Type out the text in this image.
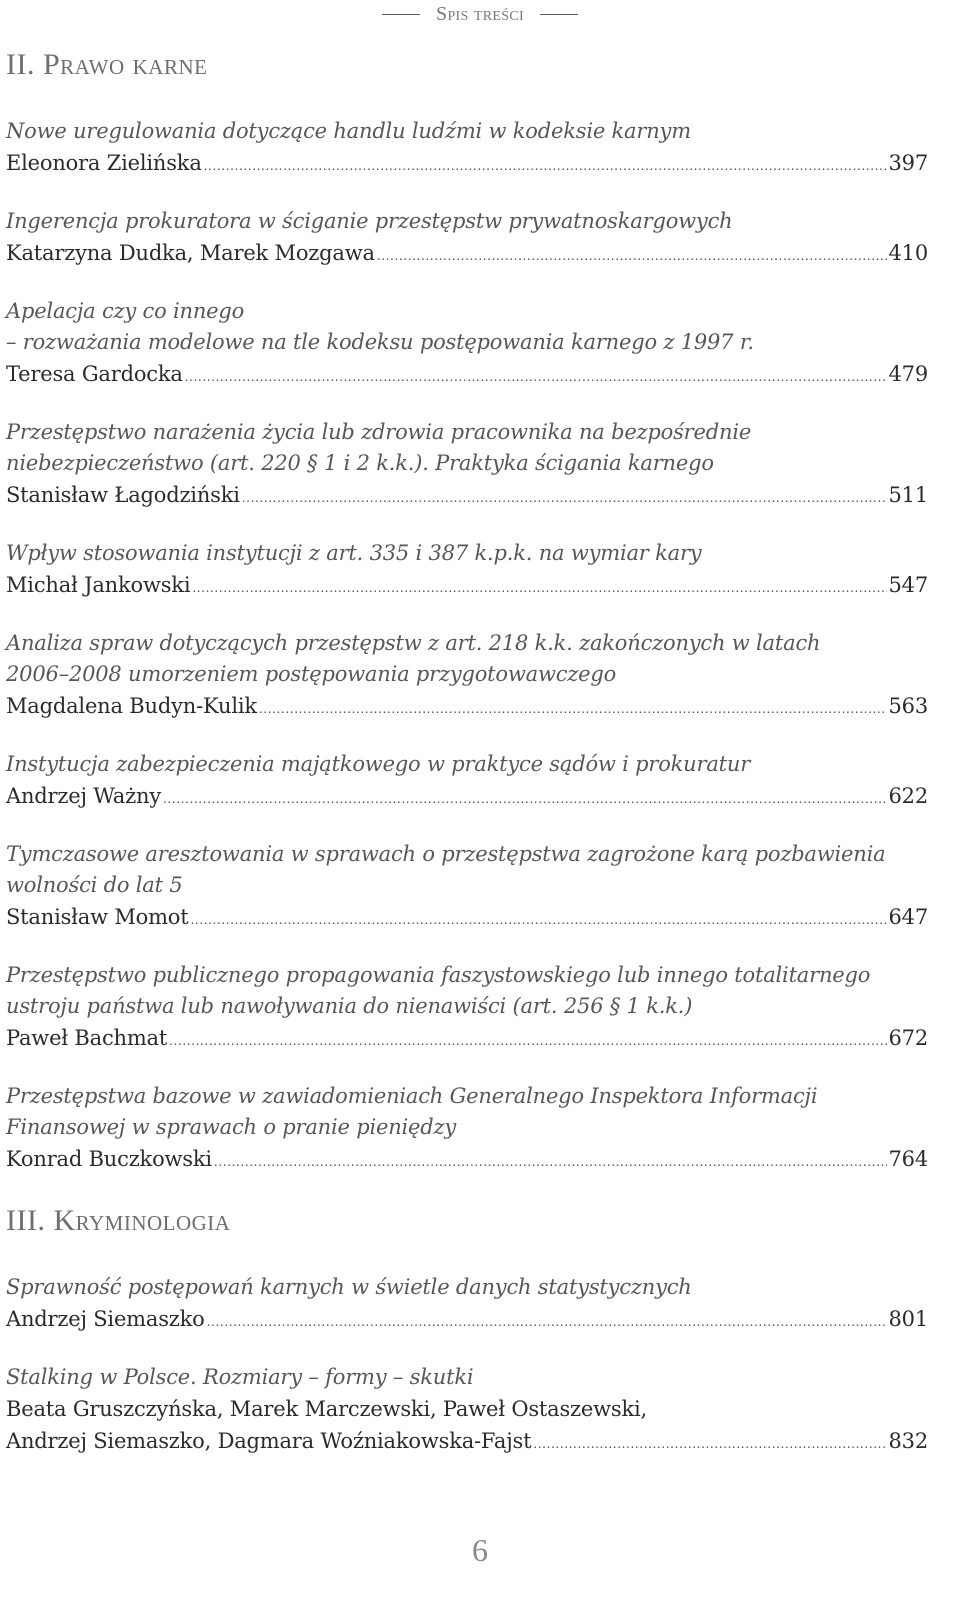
Spis treści
II. Prawo karne
Nowe uregulowania dotyczące handlu ludźmi w kodeksie karnym
Eleonora Zielińska .....	397
Ingerencja prokuratora w ściganie przestępstw prywatnoskargowych
Katarzyna Dudka, Marek Mozgawa .....	410
Apelacja czy co innego
– rozważania modelowe na tle kodeksu postępowania karnego z 1997 r.
Teresa Gardocka .....	479
Przestępstwo narażenia życia lub zdrowia pracownika na bezpośrednie
niebezpieczeństwo (art. 220 § 1 i 2 k.k.). Praktyka ścigania karnego
Stanisław Łagodziński .....	511
Wpływ stosowania instytucji z art. 335 i 387 k.p.k. na wymiar kary
Michał Jankowski .....	547
Analiza spraw dotyczących przestępstw z art. 218 k.k. zakończonych w latach
2006–2008 umorzeniem postępowania przygotowawczego
Magdalena Budyn-Kulik .....	563
Instytucja zabezpieczenia majątkowego w praktyce sądów i prokuratur
Andrzej Ważny .....	622
Tymczasowe aresztowania w sprawach o przestępstwa zagrożone karą pozbawienia
wolności do lat 5
Stanisław Momot .....	647
Przestępstwo publicznego propagowania faszystowskiego lub innego totalitarnego
ustroju państwa lub nawoływania do nienawiści (art. 256 § 1 k.k.)
Paweł Bachmat .....	672
Przestępstwa bazowe w zawiadomieniach Generalnego Inspektora Informacji
Finansowej w sprawach o pranie pieniędzy
Konrad Buczkowski .....	764
III. Kryminologia
Sprawność postępowań karnych w świetle danych statystycznych
Andrzej Siemaszko .....	801
Stalking w Polsce. Rozmiary – formy – skutki
Beata Gruszczyńska, Marek Marczewski, Paweł Ostaszewski,
Andrzej Siemaszko, Dagmara Woźniakowska-Fajst .....	832
6
